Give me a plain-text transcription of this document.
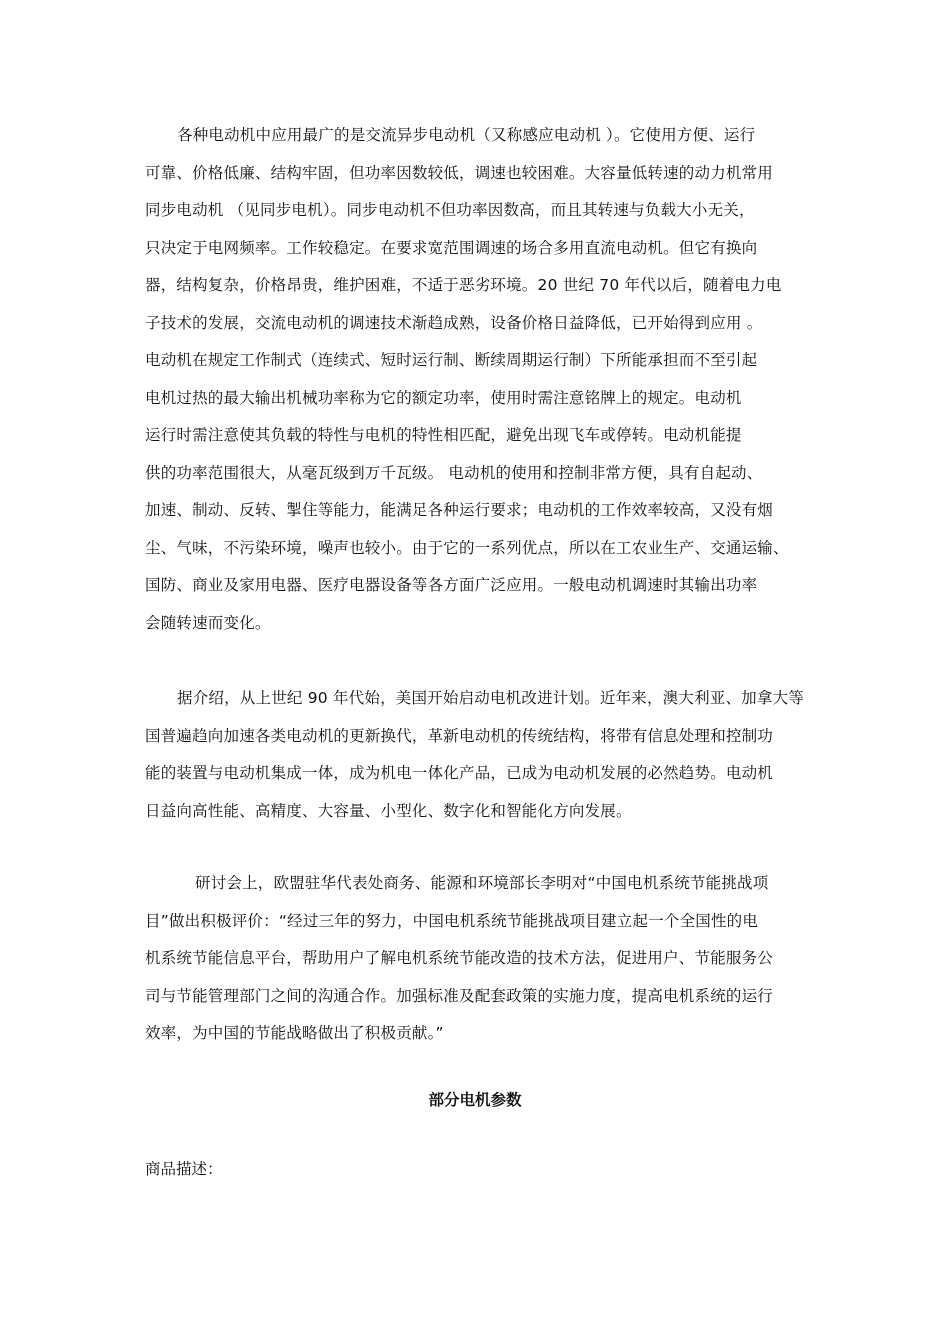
各种电动机中应用最广的是交流异步电动机（又称感应电动机 ）。它使用方便、运行
可靠、价格低廉、结构牢固，但功率因数较低，调速也较困难。大容量低转速的动力机常用
同步电动机 （见同步电机）。同步电动机不但功率因数高，而且其转速与负载大小无关，
只决定于电网频率。工作较稳定。在要求宽范围调速的场合多用直流电动机。但它有换向
器，结构复杂，价格昂贵，维护困难，不适于恶劣环境。20 世纪 70 年代以后，随着电力电
子技术的发展，交流电动机的调速技术渐趋成熟，设备价格日益降低，已开始得到应用 。
电动机在规定工作制式（连续式、短时运行制、断续周期运行制）下所能承担而不至引起
电机过热的最大输出机械功率称为它的额定功率，使用时需注意铭牌上的规定。电动机
运行时需注意使其负载的特性与电机的特性相匹配，避免出现飞车或停转。电动机能提
供的功率范围很大，从毫瓦级到万千瓦级。 电动机的使用和控制非常方便，具有自起动、
加速、制动、反转、掣住等能力，能满足各种运行要求；电动机的工作效率较高，又没有烟
尘、气味，不污染环境，噪声也较小。由于它的一系列优点，所以在工农业生产、交通运输、
国防、商业及家用电器、医疗电器设备等各方面广泛应用。一般电动机调速时其输出功率
会随转速而变化。
据介绍，从上世纪 90 年代始，美国开始启动电机改进计划。近年来，澳大利亚、加拿大等
国普遍趋向加速各类电动机的更新换代，革新电动机的传统结构，将带有信息处理和控制功
能的装置与电动机集成一体，成为机电一体化产品，已成为电动机发展的必然趋势。电动机
日益向高性能、高精度、大容量、小型化、数字化和智能化方向发展。
研讨会上，欧盟驻华代表处商务、能源和环境部长李明对“中国电机系统节能挑战项
目”做出积极评价：“经过三年的努力，中国电机系统节能挑战项目建立起一个全国性的电
机系统节能信息平台，帮助用户了解电机系统节能改造的技术方法，促进用户、节能服务公
司与节能管理部门之间的沟通合作。加强标准及配套政策的实施力度，提高电机系统的运行
效率，为中国的节能战略做出了积极贡献。”
部分电机参数

商品描述：
